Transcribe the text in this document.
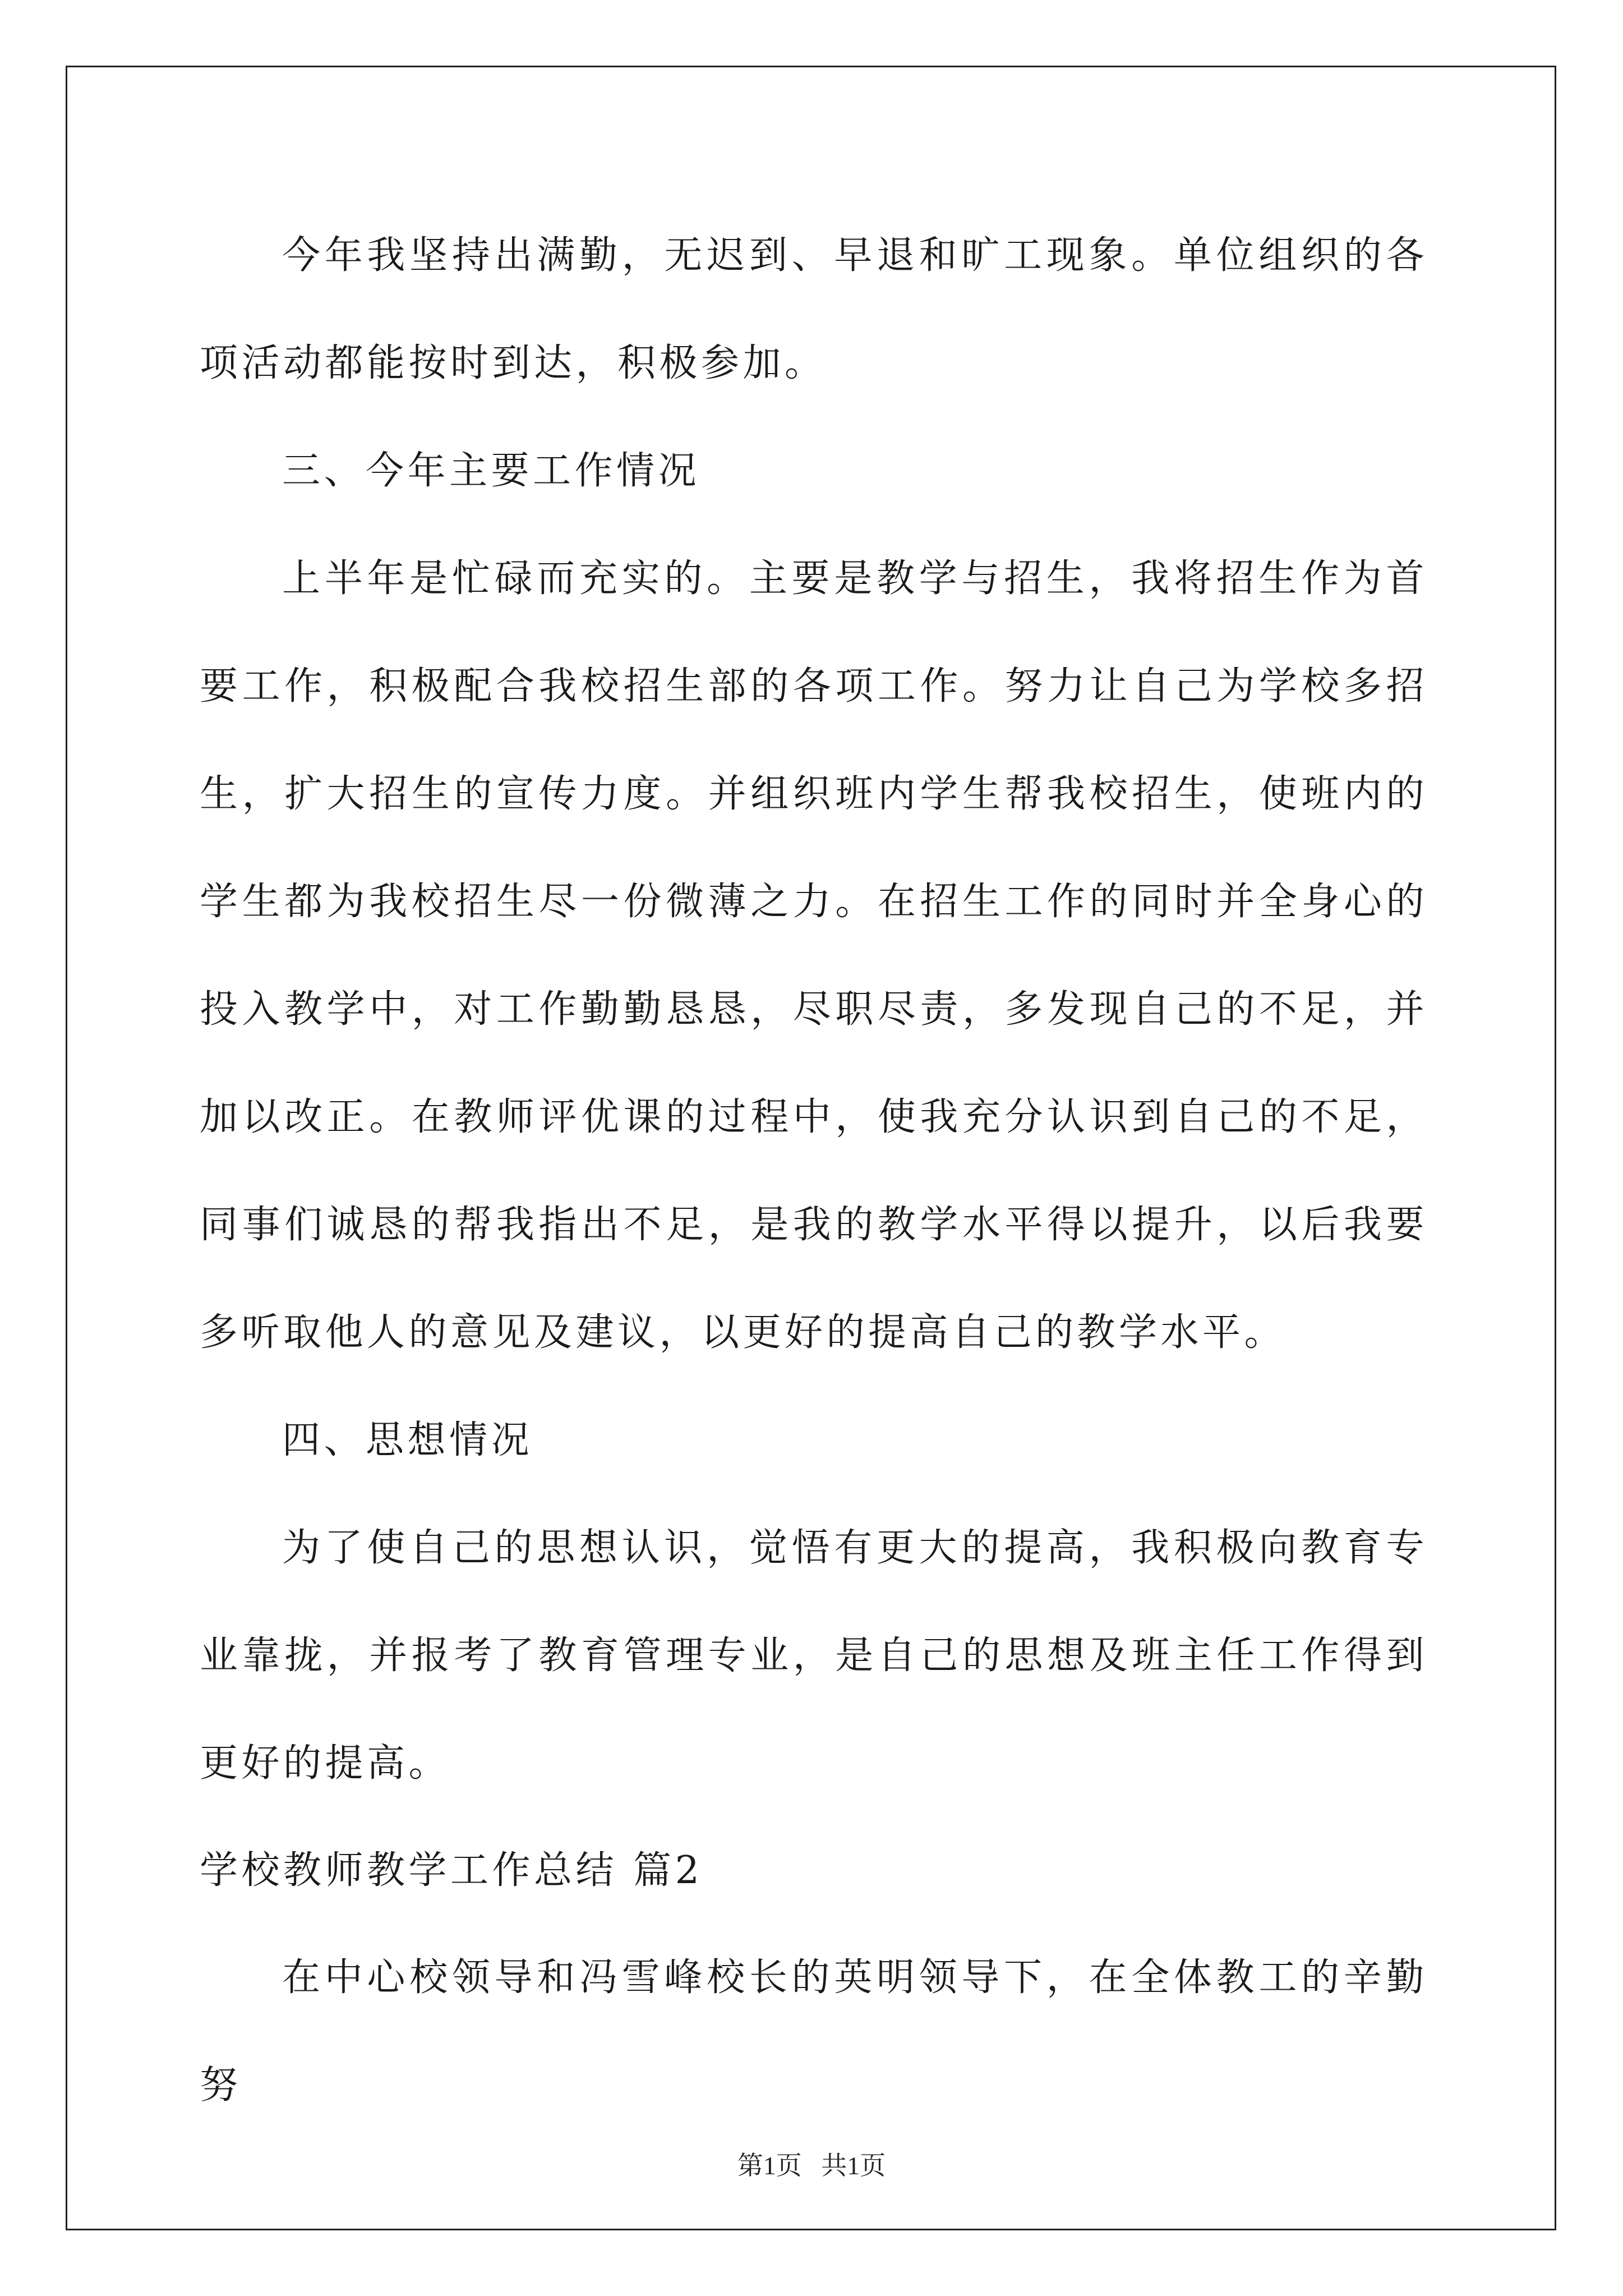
今年我坚持出满勤，无迟到、早退和旷工现象。单位组织的各项活动都能按时到达，积极参加。

三、今年主要工作情况

上半年是忙碌而充实的。主要是教学与招生，我将招生作为首要工作，积极配合我校招生部的各项工作。努力让自己为学校多招生，扩大招生的宣传力度。并组织班内学生帮我校招生，使班内的学生都为我校招生尽一份微薄之力。在招生工作的同时并全身心的投入教学中，对工作勤勤恳恳，尽职尽责，多发现自己的不足，并加以改正。在教师评优课的过程中，使我充分认识到自己的不足，同事们诚恳的帮我指出不足，是我的教学水平得以提升，以后我要多听取他人的意见及建议，以更好的提高自己的教学水平。

四、思想情况

为了使自己的思想认识，觉悟有更大的提高，我积极向教育专业靠拢，并报考了教育管理专业，是自己的思想及班主任工作得到更好的提高。

学校教师教学工作总结 篇2

在中心校领导和冯雪峰校长的英明领导下，在全体教工的辛勤努

第1页   共1页
